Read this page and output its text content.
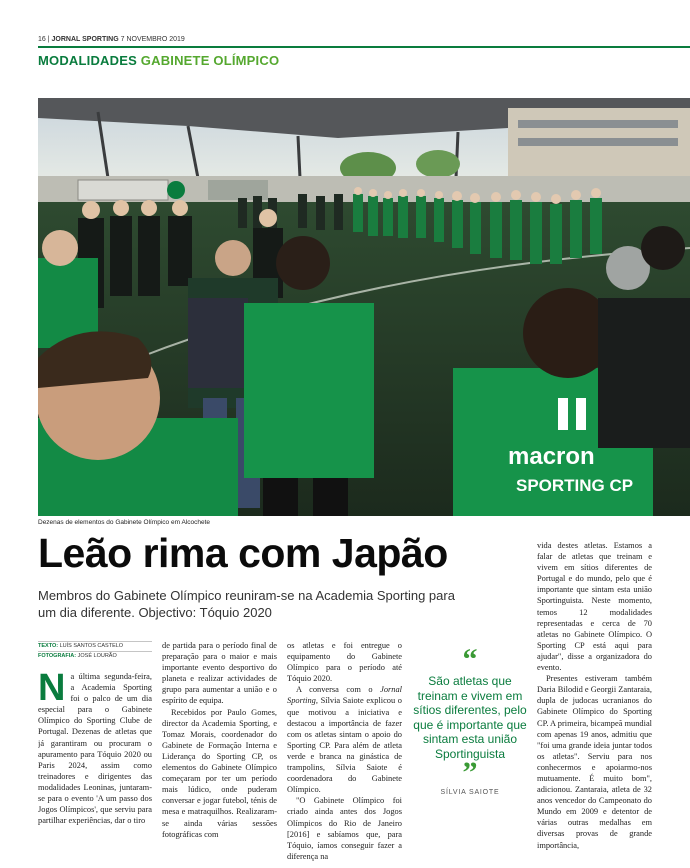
16 | JORNAL SPORTING 7 NOVEMBRO 2019
MODALIDADES GABINETE OLÍMPICO
macron
SPORTING CP
Dezenas de elementos do Gabinete Olímpico em Alcochete
Leão rima com Japão
Membros do Gabinete Olímpico reuniram-se na Academia Sporting para um dia diferente. Objectivo: Tóquio 2020
TEXTO: LUÍS SANTOS CASTELO
FOTOGRAFIA: JOSÉ LOURÃO
N a última segunda-feira, a Academia Sporting foi o palco de um dia especial para o Gabinete Olímpico do Sporting Clube de Portugal. Dezenas de atletas que já garantiram ou procuram o apuramento para Tóquio 2020 ou Paris 2024, assim como treinadores e dirigentes das modalidades Leoninas, juntaram-se para o evento 'A um passo dos Jogos Olímpicos', que serviu para partilhar experiências, dar o tiro

de partida para o período final de preparação para o maior e mais importante evento desportivo do planeta e realizar actividades de grupo para aumentar a união e o espírito de equipa.

Recebidos por Paulo Gomes, director da Academia Sporting, e Tomaz Morais, coordenador do Gabinete de Formação Interna e Liderança do Sporting CP, os elementos do Gabinete Olímpico começaram por ter um período mais lúdico, onde puderam conversar e jogar futebol, ténis de mesa e matraquilhos. Realizaram-se ainda várias sessões fotográficas com

os atletas e foi entregue o equipamento do Gabinete Olímpico para o período até Tóquio 2020.

A conversa com o Jornal Sporting, Sílvia Saiote explicou o que motivou a iniciativa e destacou a importância de fazer com os atletas sintam o apoio do Sporting CP. Para além de atleta verde e branca na ginástica de trampolins, Sílvia Saiote é coordenadora do Gabinete Olímpico.

"O Gabinete Olímpico foi criado ainda antes dos Jogos Olímpicos do Rio de Janeiro [2016] e sabíamos que, para Tóquio, íamos conseguir fazer a diferença na

“
São atletas que treinam e vivem em sítios diferentes, pelo que é importante que sintam esta união Sportinguista
”
SÍLVIA SAIOTE

vida destes atletas. Estamos a falar de atletas que treinam e vivem em sítios diferentes de Portugal e do mundo, pelo que é importante que sintam esta união Sportinguista. Neste momento, temos 12 modalidades representadas e cerca de 70 atletas no Gabinete Olímpico. O Sporting CP está aqui para ajudar", disse a organizadora do evento.

Presentes estiveram também Daria Bilodid e Georgii Zantaraia, dupla de judocas ucranianos do Gabinete Olímpico do Sporting CP. A primeira, bicampeã mundial com apenas 19 anos, admitiu que "foi uma grande ideia juntar todos os atletas". Serviu para nos conhecermos e apoiarmo-nos mutuamente. É muito bom", adicionou. Zantaraia, atleta de 32 anos vencedor do Campeonato do Mundo em 2009 e detentor de várias outras medalhas em diversas provas de grande importância,
